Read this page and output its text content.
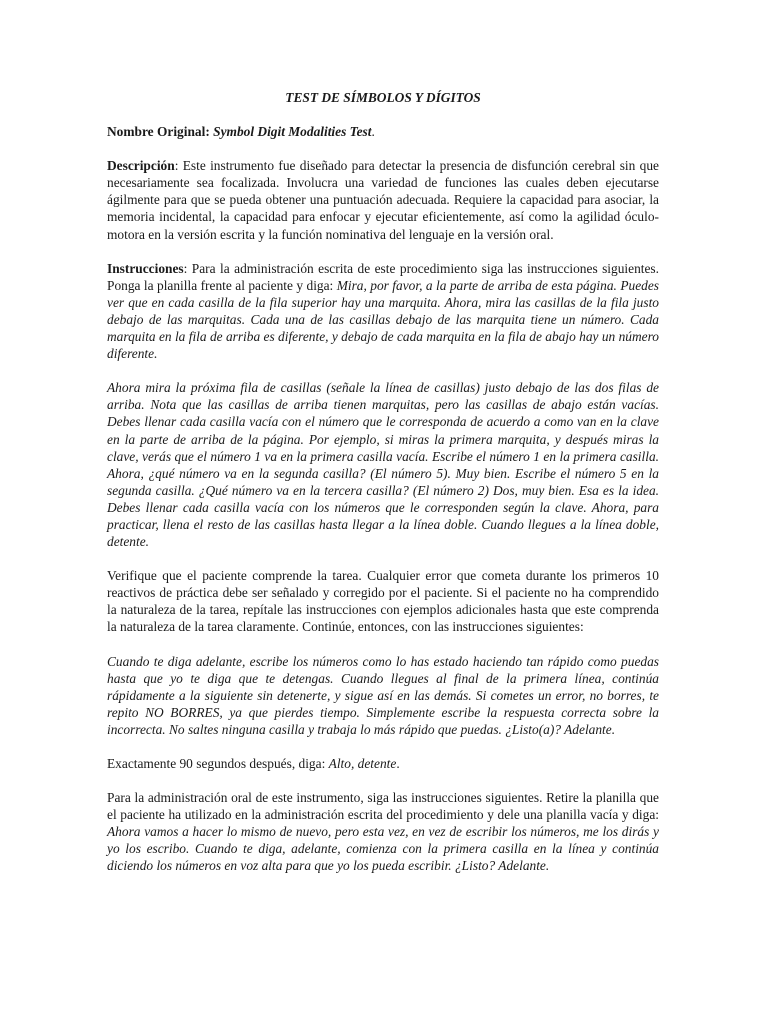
TEST DE SÍMBOLOS Y DÍGITOS

Nombre Original: Symbol Digit Modalities Test.

Descripción: Este instrumento fue diseñado para detectar la presencia de disfunción cerebral sin que necesariamente sea focalizada. Involucra una variedad de funciones las cuales deben ejecutarse ágilmente para que se pueda obtener una puntuación adecuada. Requiere la capacidad para asociar, la memoria incidental, la capacidad para enfocar y ejecutar eficientemente, así como la agilidad óculo-motora en la versión escrita y la función nominativa del lenguaje en la versión oral.

Instrucciones: Para la administración escrita de este procedimiento siga las instrucciones siguientes. Ponga la planilla frente al paciente y diga: Mira, por favor, a la parte de arriba de esta página. Puedes ver que en cada casilla de la fila superior hay una marquita. Ahora, mira las casillas de la fila justo debajo de las marquitas. Cada una de las casillas debajo de las marquita tiene un número. Cada marquita en la fila de arriba es diferente, y debajo de cada marquita en la fila de abajo hay un número diferente.

Ahora mira la próxima fila de casillas (señale la línea de casillas) justo debajo de las dos filas de arriba. Nota que las casillas de arriba tienen marquitas, pero las casillas de abajo están vacías. Debes llenar cada casilla vacía con el número que le corresponda de acuerdo a como van en la clave en la parte de arriba de la página. Por ejemplo, si miras la primera marquita, y después miras la clave, verás que el número 1 va en la primera casilla vacía. Escribe el número 1 en la primera casilla. Ahora, ¿qué número va en la segunda casilla? (El número 5). Muy bien. Escribe el número 5 en la segunda casilla. ¿Qué número va en la tercera casilla? (El número 2) Dos, muy bien. Esa es la idea. Debes llenar cada casilla vacía con los números que le corresponden según la clave. Ahora, para practicar, llena el resto de las casillas hasta llegar a la línea doble. Cuando llegues a la línea doble, detente.

Verifique que el paciente comprende la tarea. Cualquier error que cometa durante los primeros 10 reactivos de práctica debe ser señalado y corregido por el paciente. Si el paciente no ha comprendido la naturaleza de la tarea, repítale las instrucciones con ejemplos adicionales hasta que este comprenda la naturaleza de la tarea claramente. Continúe, entonces, con las instrucciones siguientes:

Cuando te diga adelante, escribe los números como lo has estado haciendo tan rápido como puedas hasta que yo te diga que te detengas. Cuando llegues al final de la primera línea, continúa rápidamente a la siguiente sin detenerte, y sigue así en las demás. Si cometes un error, no borres, te repito NO BORRES, ya que pierdes tiempo. Simplemente escribe la respuesta correcta sobre la incorrecta. No saltes ninguna casilla y trabaja lo más rápido que puedas. ¿Listo(a)? Adelante.

Exactamente 90 segundos después, diga: Alto, detente.

Para la administración oral de este instrumento, siga las instrucciones siguientes. Retire la planilla que el paciente ha utilizado en la administración escrita del procedimiento y dele una planilla vacía y diga: Ahora vamos a hacer lo mismo de nuevo, pero esta vez, en vez de escribir los números, me los dirás y yo los escribo. Cuando te diga, adelante, comienza con la primera casilla en la línea y continúa diciendo los números en voz alta para que yo los pueda escribir. ¿Listo? Adelante.
